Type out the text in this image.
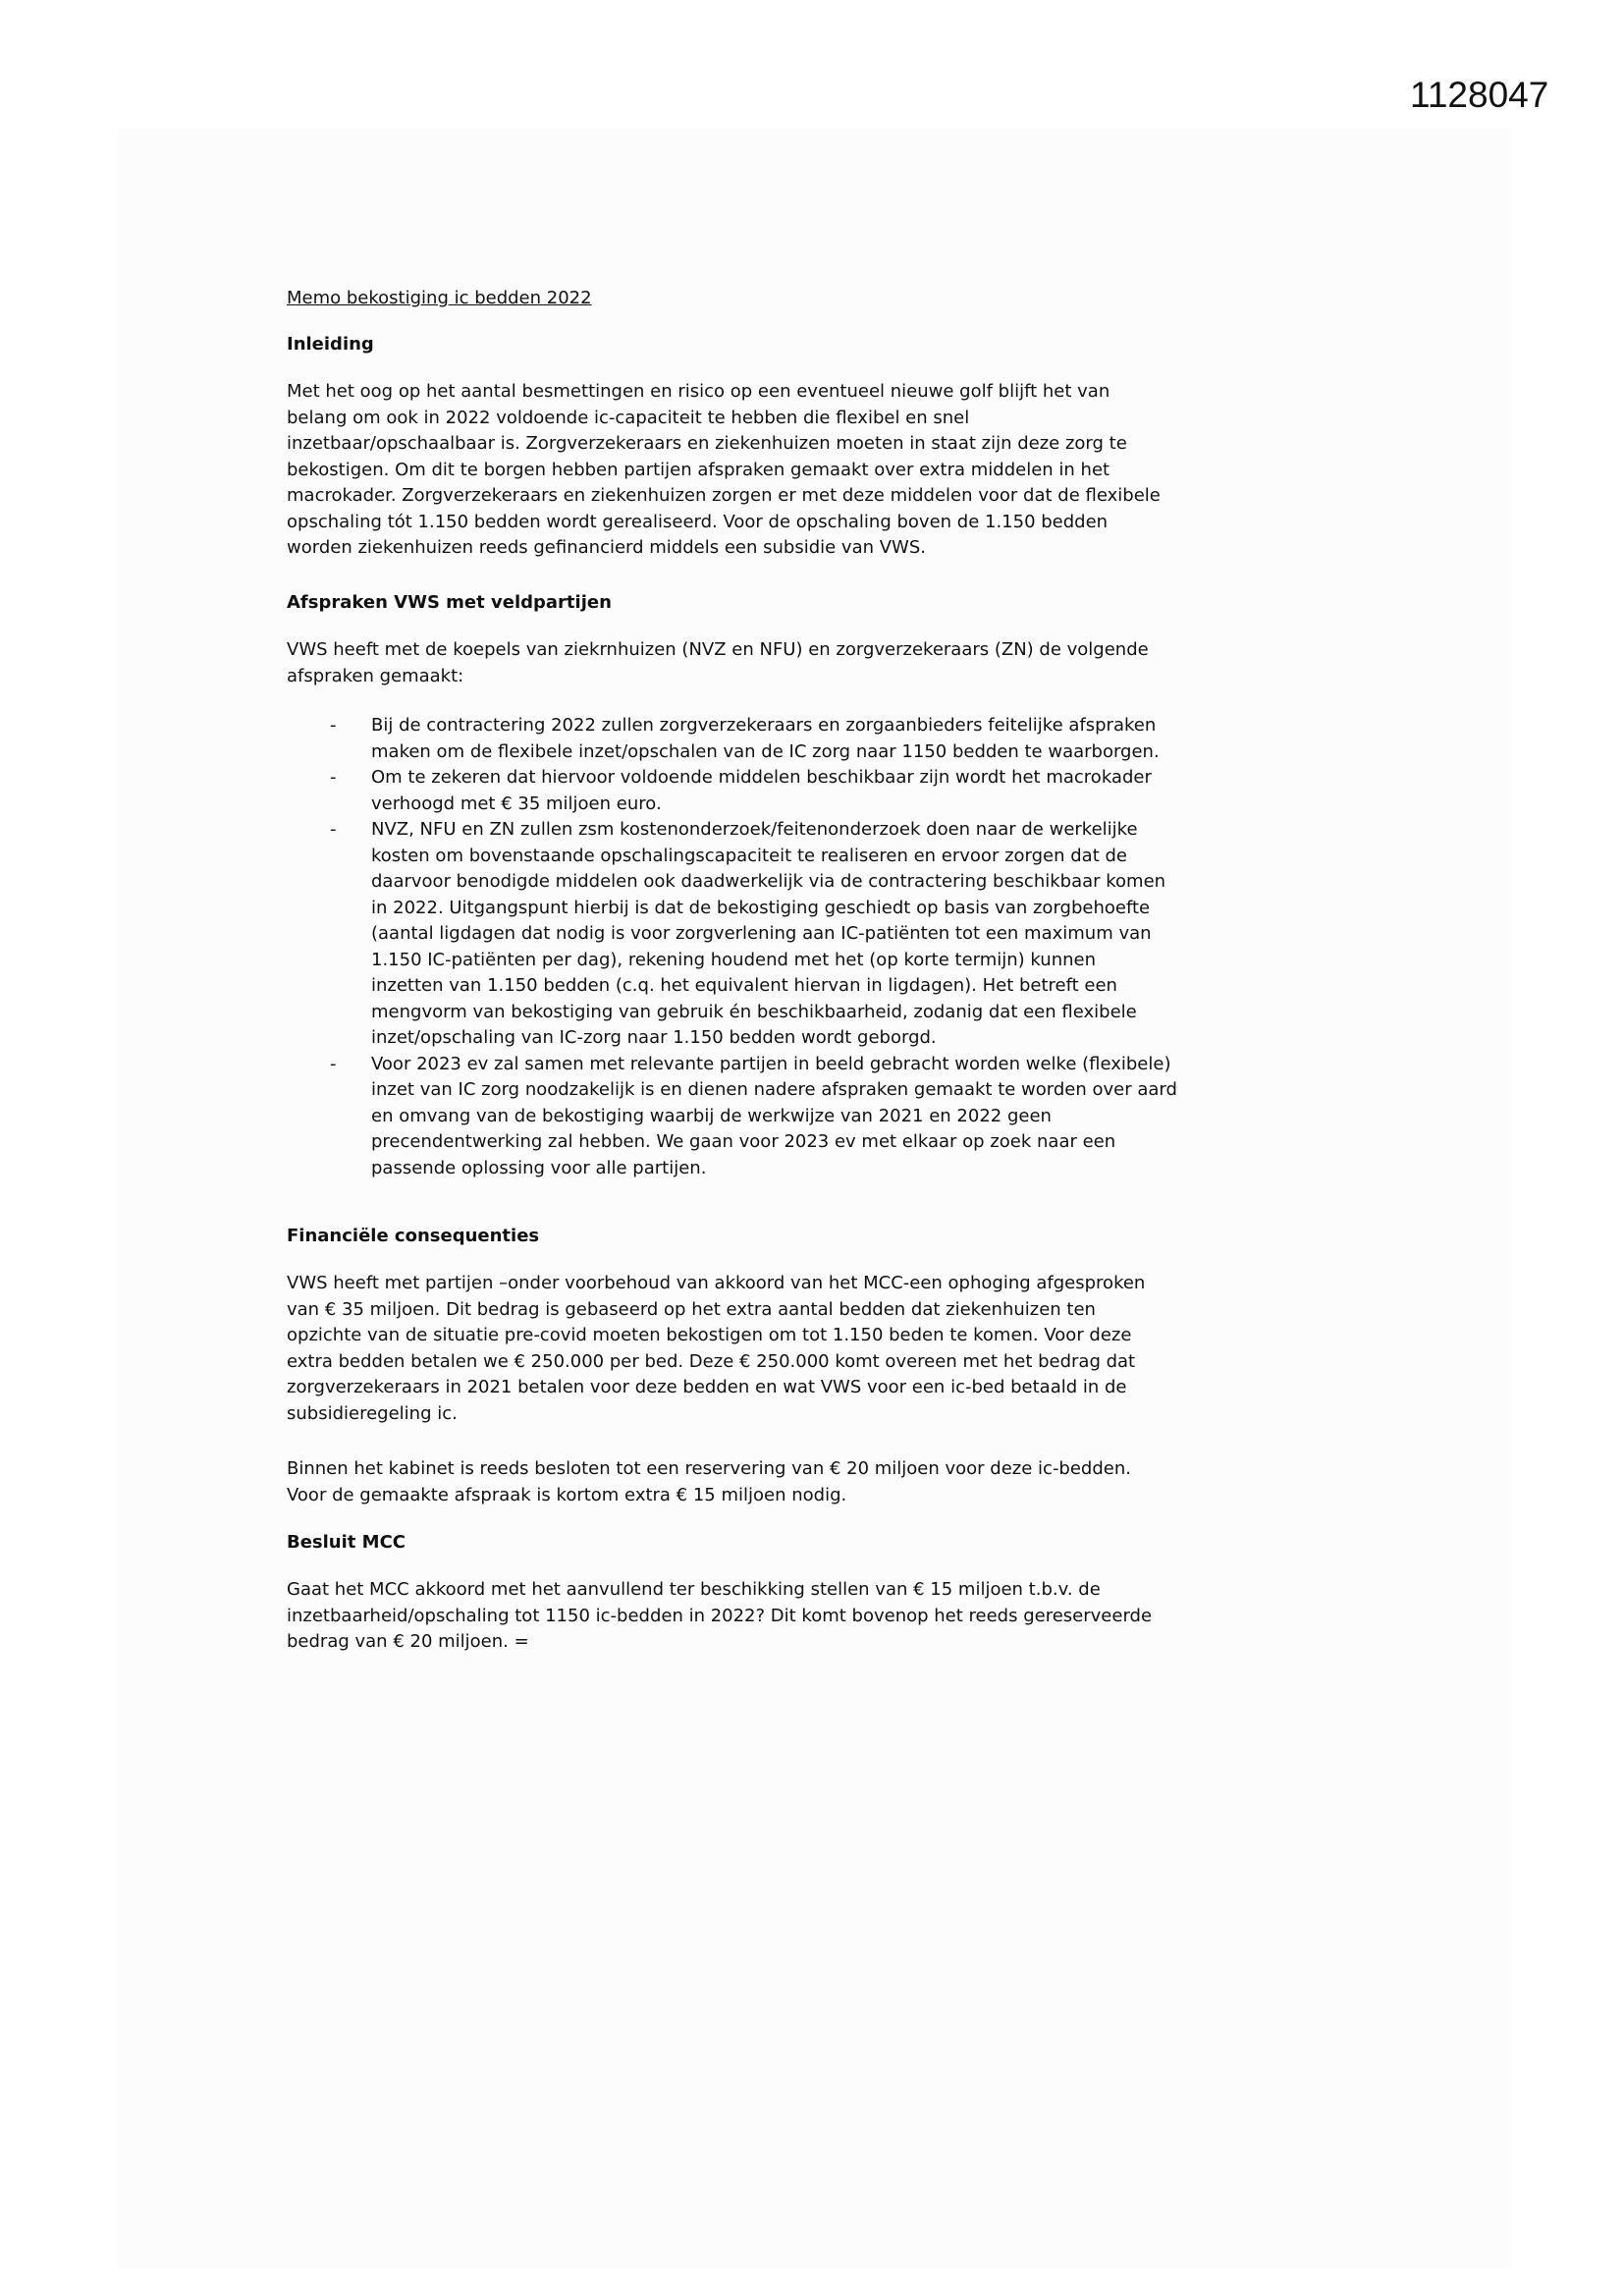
1128047
Memo bekostiging ic bedden 2022
Inleiding
Met het oog op het aantal besmettingen en risico op een eventueel nieuwe golf blijft het van
belang om ook in 2022 voldoende ic-capaciteit te hebben die flexibel en snel
inzetbaar/opschaalbaar is. Zorgverzekeraars en ziekenhuizen moeten in staat zijn deze zorg te
bekostigen. Om dit te borgen hebben partijen afspraken gemaakt over extra middelen in het
macrokader. Zorgverzekeraars en ziekenhuizen zorgen er met deze middelen voor dat de flexibele
opschaling tót 1.150 bedden wordt gerealiseerd. Voor de opschaling boven de 1.150 bedden
worden ziekenhuizen reeds gefinancierd middels een subsidie van VWS.
Afspraken VWS met veldpartijen
VWS heeft met de koepels van ziekrnhuizen (NVZ en NFU) en zorgverzekeraars (ZN) de volgende
afspraken gemaakt:
- Bij de contractering 2022 zullen zorgverzekeraars en zorgaanbieders feitelijke afspraken
maken om de flexibele inzet/opschalen van de IC zorg naar 1150 bedden te waarborgen.
- Om te zekeren dat hiervoor voldoende middelen beschikbaar zijn wordt het macrokader
verhoogd met € 35 miljoen euro.
- NVZ, NFU en ZN zullen zsm kostenonderzoek/feitenonderzoek doen naar de werkelijke
kosten om bovenstaande opschalingscapaciteit te realiseren en ervoor zorgen dat de
daarvoor benodigde middelen ook daadwerkelijk via de contractering beschikbaar komen
in 2022. Uitgangspunt hierbij is dat de bekostiging geschiedt op basis van zorgbehoefte
(aantal ligdagen dat nodig is voor zorgverlening aan IC-patiënten tot een maximum van
1.150 IC-patiënten per dag), rekening houdend met het (op korte termijn) kunnen
inzetten van 1.150 bedden (c.q. het equivalent hiervan in ligdagen). Het betreft een
mengvorm van bekostiging van gebruik én beschikbaarheid, zodanig dat een flexibele
inzet/opschaling van IC-zorg naar 1.150 bedden wordt geborgd.
- Voor 2023 ev zal samen met relevante partijen in beeld gebracht worden welke (flexibele)
inzet van IC zorg noodzakelijk is en dienen nadere afspraken gemaakt te worden over aard
en omvang van de bekostiging waarbij de werkwijze van 2021 en 2022 geen
precendentwerking zal hebben. We gaan voor 2023 ev met elkaar op zoek naar een
passende oplossing voor alle partijen.
Financiële consequenties
VWS heeft met partijen –onder voorbehoud van akkoord van het MCC-een ophoging afgesproken
van € 35 miljoen. Dit bedrag is gebaseerd op het extra aantal bedden dat ziekenhuizen ten
opzichte van de situatie pre-covid moeten bekostigen om tot 1.150 beden te komen. Voor deze
extra bedden betalen we € 250.000 per bed. Deze € 250.000 komt overeen met het bedrag dat
zorgverzekeraars in 2021 betalen voor deze bedden en wat VWS voor een ic-bed betaald in de
subsidieregeling ic.
Binnen het kabinet is reeds besloten tot een reservering van € 20 miljoen voor deze ic-bedden.
Voor de gemaakte afspraak is kortom extra € 15 miljoen nodig.
Besluit MCC
Gaat het MCC akkoord met het aanvullend ter beschikking stellen van € 15 miljoen t.b.v. de
inzetbaarheid/opschaling tot 1150 ic-bedden in 2022? Dit komt bovenop het reeds gereserveerde
bedrag van € 20 miljoen. =
